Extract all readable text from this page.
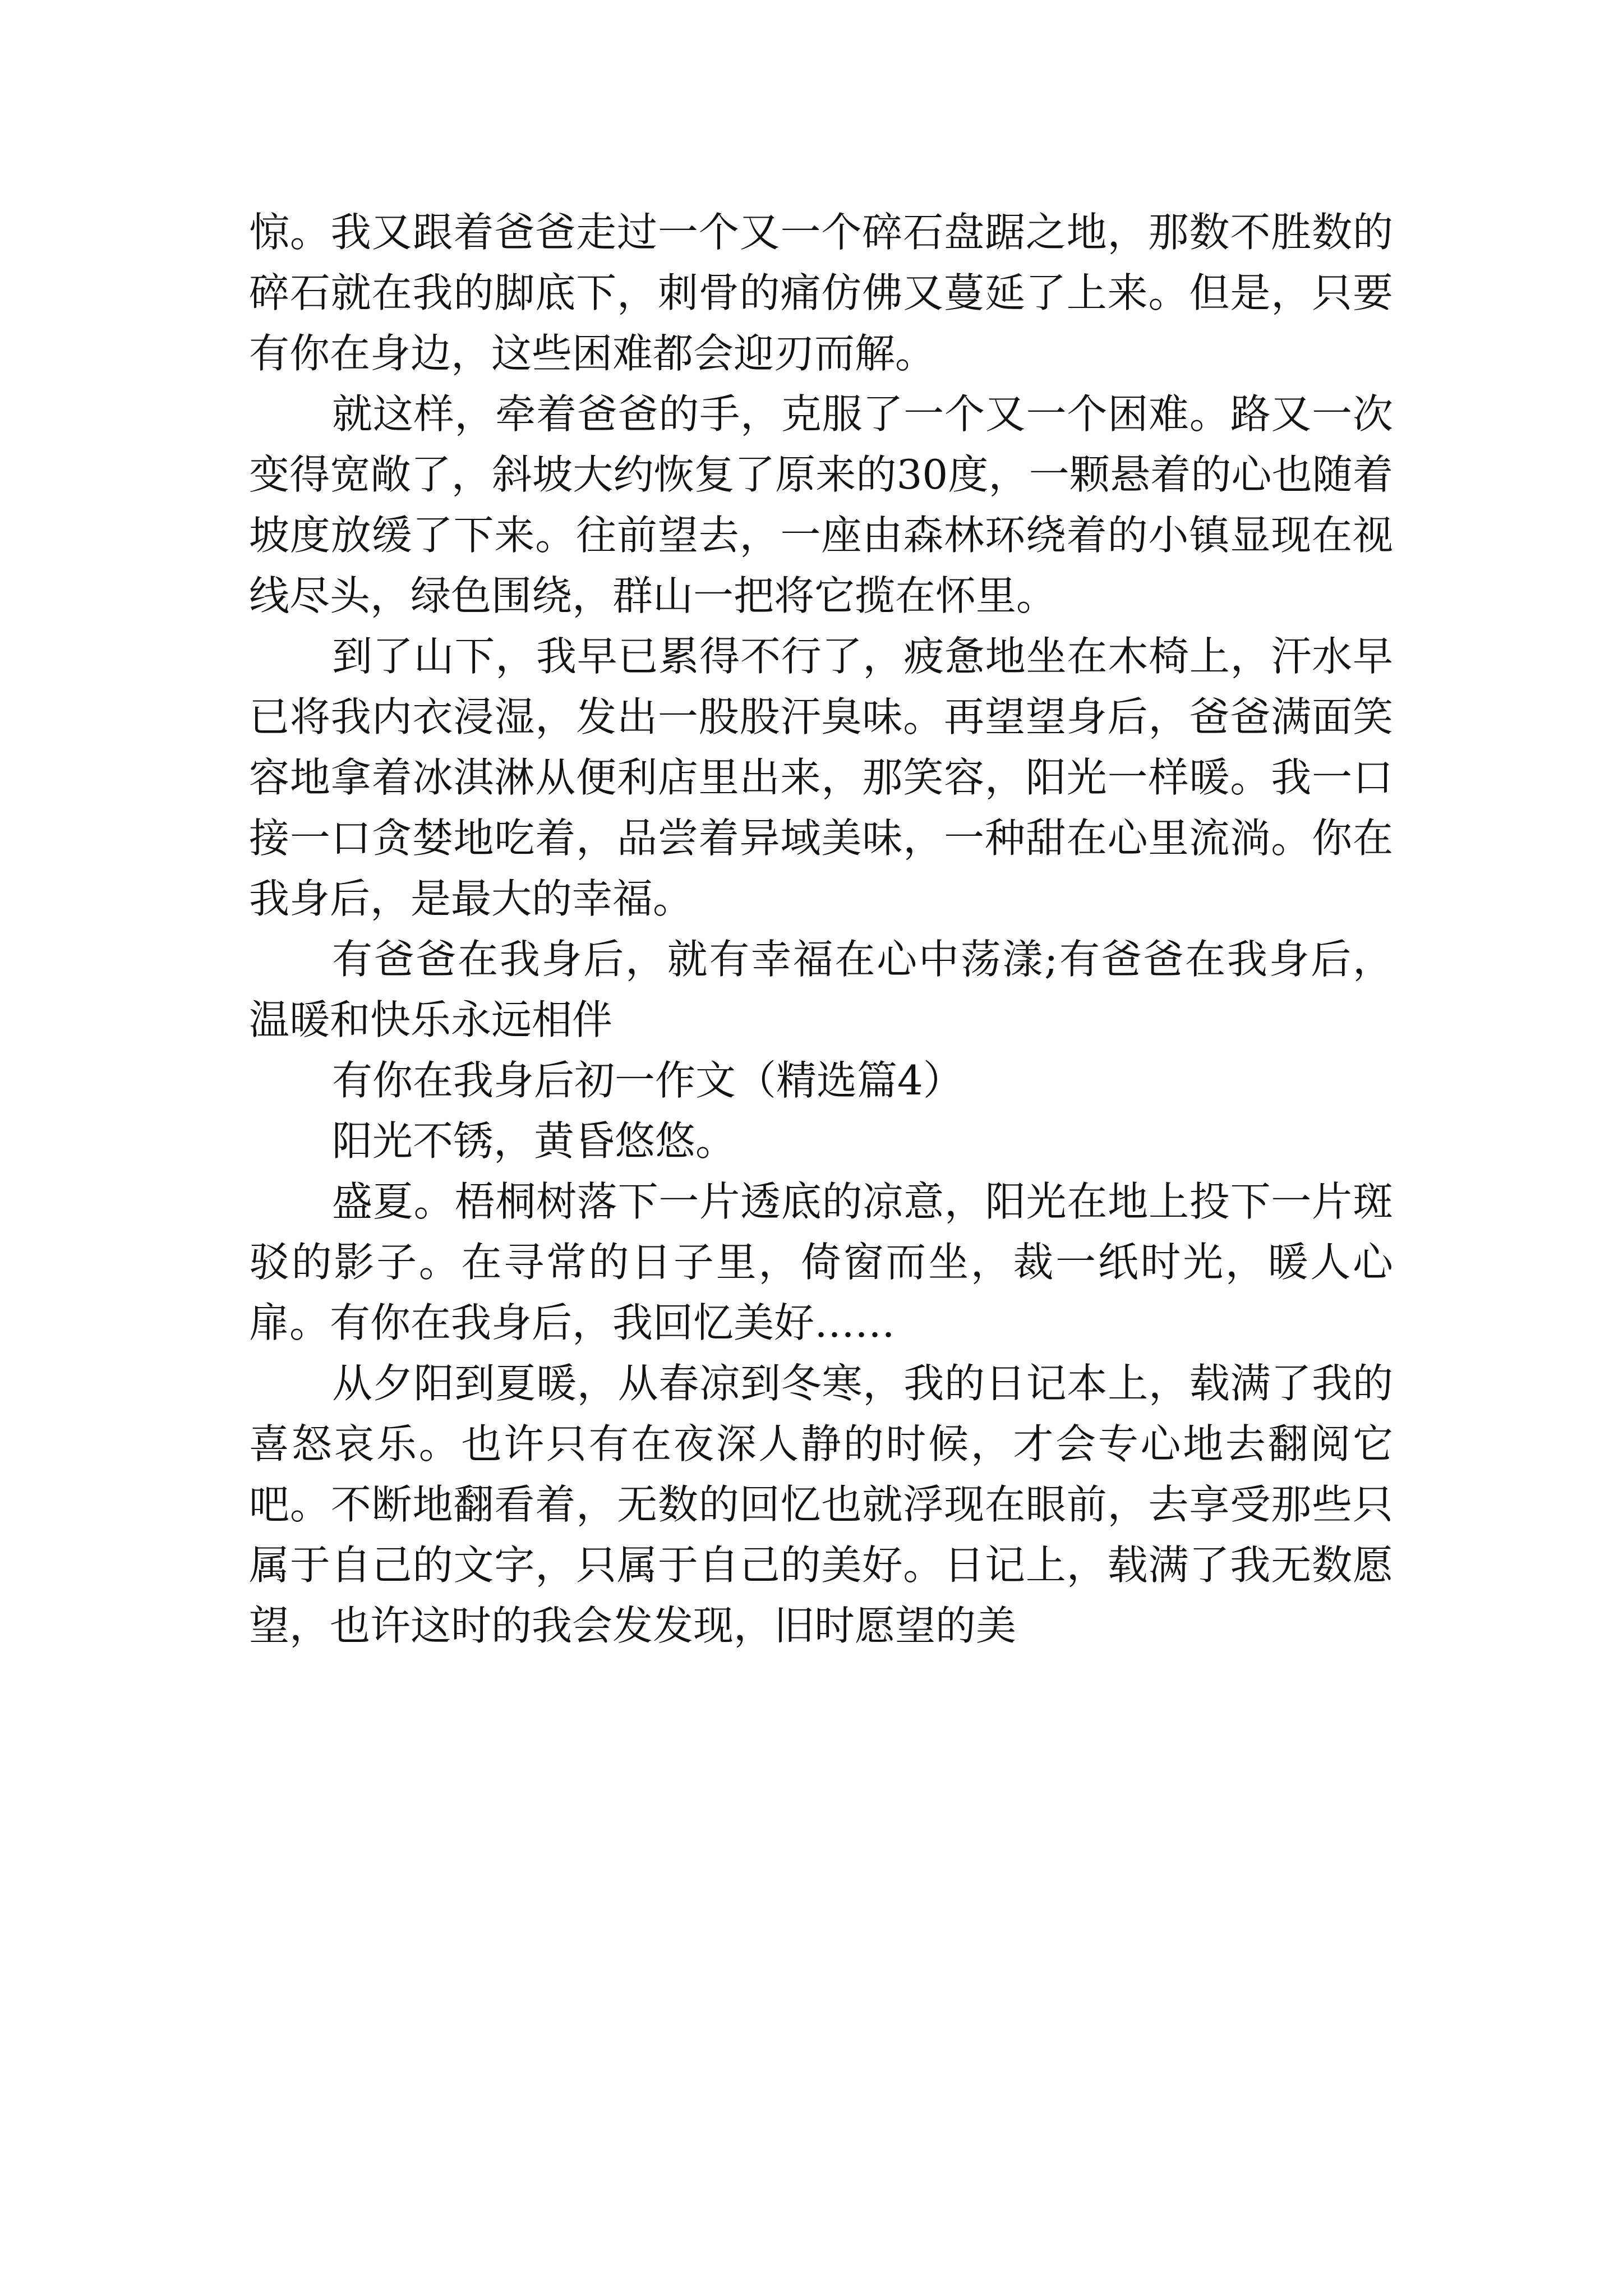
惊。我又跟着爸爸走过一个又一个碎石盘踞之地，那数不胜数的碎石就在我的脚底下，刺骨的痛仿佛又蔓延了上来。但是，只要有你在身边，这些困难都会迎刃而解。

就这样，牵着爸爸的手，克服了一个又一个困难。路又一次变得宽敞了，斜坡大约恢复了原来的30度，一颗悬着的心也随着坡度放缓了下来。往前望去，一座由森林环绕着的小镇显现在视线尽头，绿色围绕，群山一把将它揽在怀里。

到了山下，我早已累得不行了，疲惫地坐在木椅上，汗水早已将我内衣浸湿，发出一股股汗臭味。再望望身后，爸爸满面笑容地拿着冰淇淋从便利店里出来，那笑容，阳光一样暖。我一口接一口贪婪地吃着，品尝着异域美味，一种甜在心里流淌。你在我身后，是最大的幸福。

有爸爸在我身后，就有幸福在心中荡漾;有爸爸在我身后，温暖和快乐永远相伴

有你在我身后初一作文（精选篇4）

阳光不锈，黄昏悠悠。

盛夏。梧桐树落下一片透底的凉意，阳光在地上投下一片斑驳的影子。在寻常的日子里，倚窗而坐，裁一纸时光，暖人心扉。有你在我身后，我回忆美好……

从夕阳到夏暖，从春凉到冬寒，我的日记本上，载满了我的喜怒哀乐。也许只有在夜深人静的时候，才会专心地去翻阅它吧。不断地翻看着，无数的回忆也就浮现在眼前，去享受那些只属于自己的文字，只属于自己的美好。日记上，载满了我无数愿望，也许这时的我会发发现，旧时愿望的美
